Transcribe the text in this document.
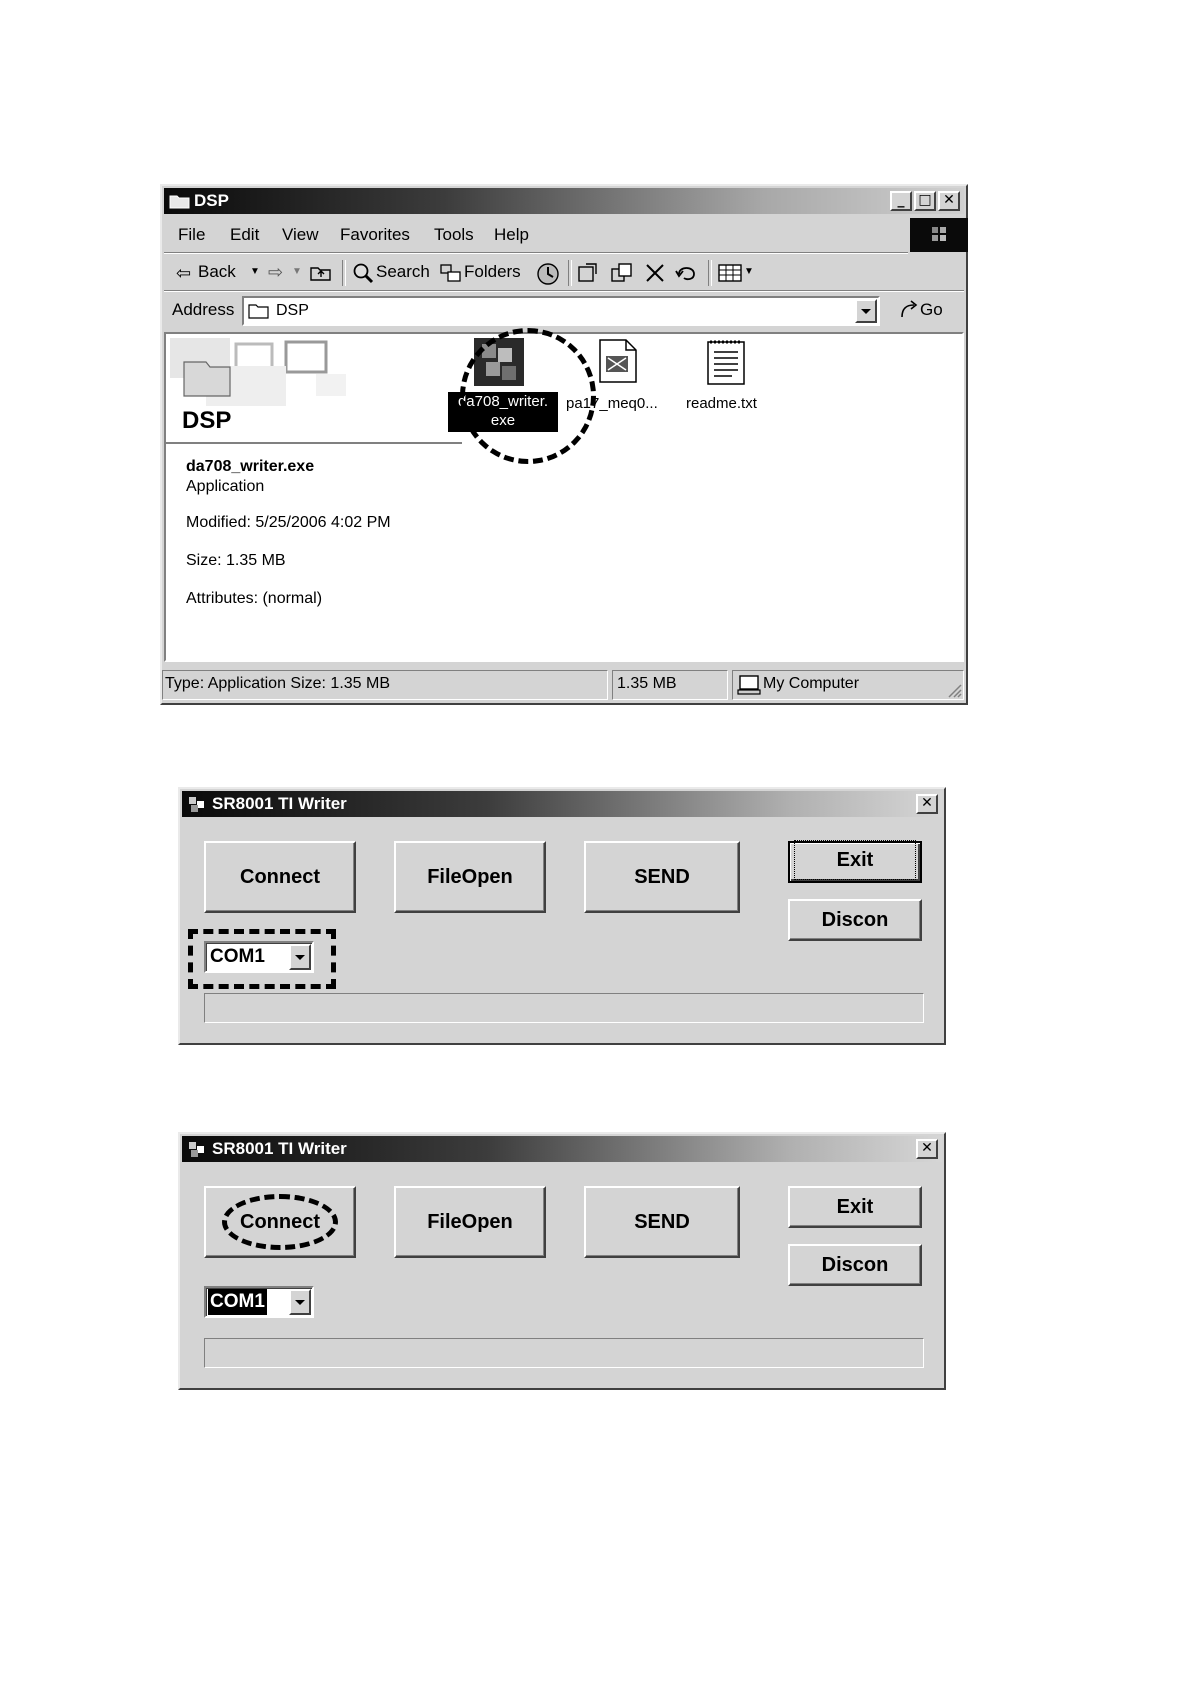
DSP	_ □ ✕
File Edit View Favorites Tools Help
⇦ Back ▼ ⇨ ▼	Search Folders	▼
Address	DSP	Go
DSP
da708_writer.
exe
pa17_meq0... readme.txt
da708_writer.exe
Application
Modified: 5/25/2006 4:02 PM
Size: 1.35 MB
Attributes: (normal)
Type: Application Size: 1.35 MB	1.35 MB	My Computer
SR8001 TI Writer	✕
Connect	FileOpen	SEND
Exit
Discon
COM1
SR8001 TI Writer	✕
Connect	FileOpen	SEND
Exit
Discon
COM1
